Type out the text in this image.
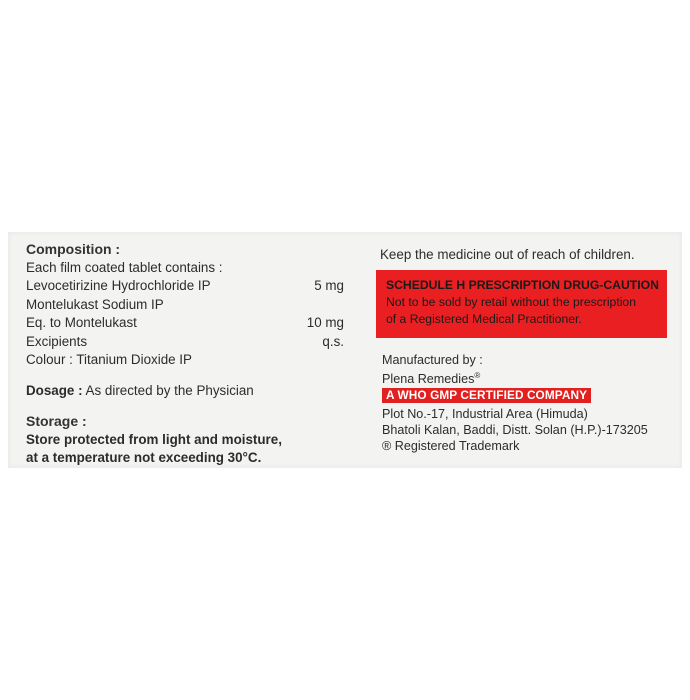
Composition :
Each film coated tablet contains :
Levocetirizine Hydrochloride IP	5 mg
Montelukast Sodium IP
Eq. to Montelukast	10 mg
Excipients	q.s.
Colour : Titanium Dioxide IP
Dosage : As directed by the Physician
Storage :
Store protected from light and moisture,
at a temperature not exceeding 30°C.
Keep the medicine out of reach of children.
SCHEDULE H PRESCRIPTION DRUG-CAUTION
Not to be sold by retail without the prescription
of a Registered Medical Practitioner.
Manufactured by :
Plena Remedies®
A WHO GMP CERTIFIED COMPANY
Plot No.-17, Industrial Area (Himuda)
Bhatoli Kalan, Baddi, Distt. Solan (H.P.)-173205
® Registered Trademark
